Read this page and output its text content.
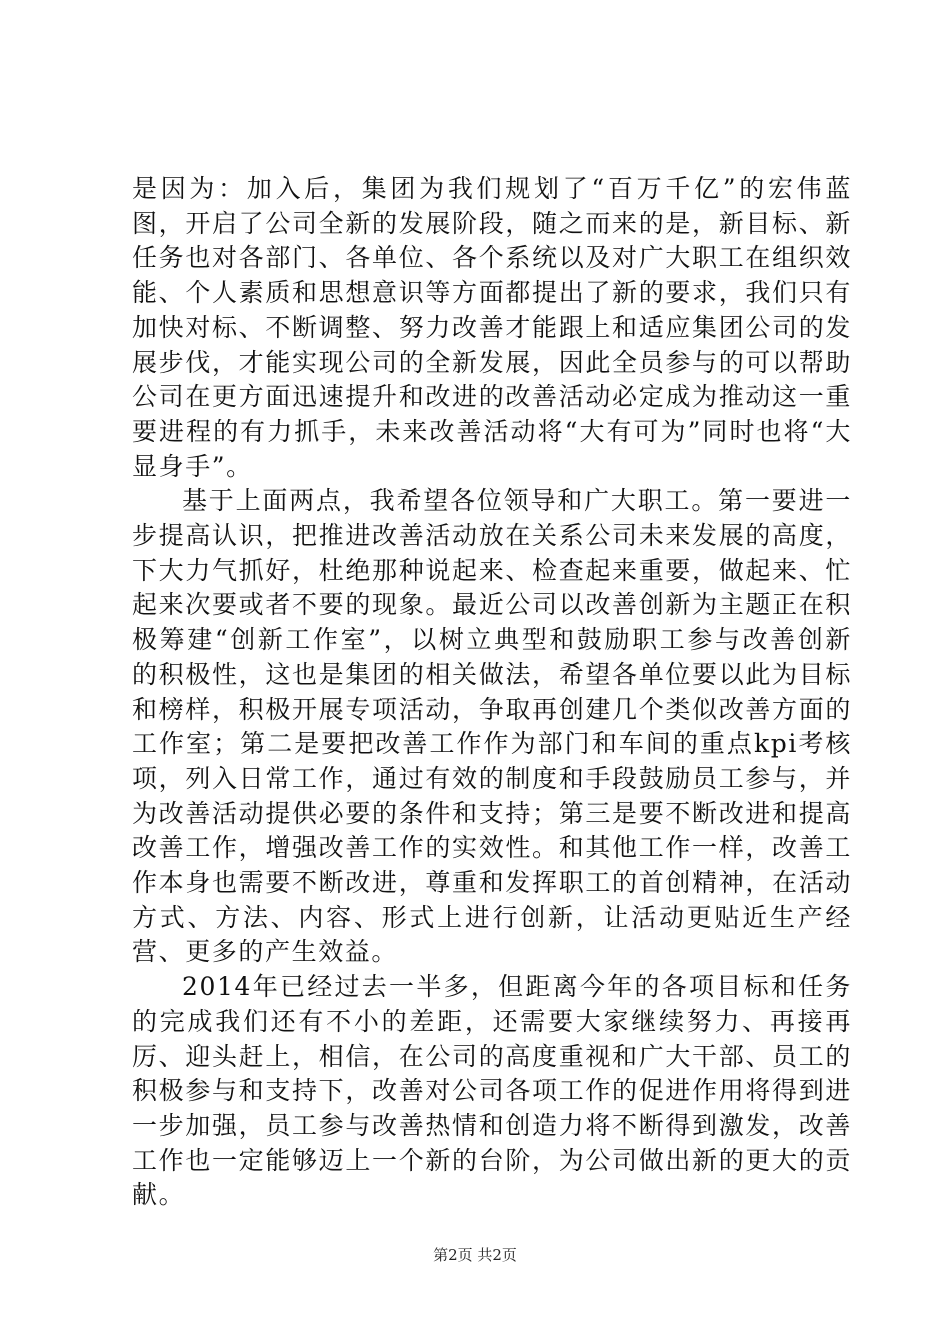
是因为：加入后，集团为我们规划了“百万千亿”的宏伟蓝图，开启了公司全新的发展阶段，随之而来的是，新目标、新任务也对各部门、各单位、各个系统以及对广大职工在组织效能、个人素质和思想意识等方面都提出了新的要求，我们只有加快对标、不断调整、努力改善才能跟上和适应集团公司的发展步伐，才能实现公司的全新发展，因此全员参与的可以帮助公司在更方面迅速提升和改进的改善活动必定成为推动这一重要进程的有力抓手，未来改善活动将“大有可为”同时也将“大显身手”。

基于上面两点，我希望各位领导和广大职工。第一要进一步提高认识，把推进改善活动放在关系公司未来发展的高度，下大力气抓好，杜绝那种说起来、检查起来重要，做起来、忙起来次要或者不要的现象。最近公司以改善创新为主题正在积极筹建“创新工作室”，以树立典型和鼓励职工参与改善创新的积极性，这也是集团的相关做法，希望各单位要以此为目标和榜样，积极开展专项活动，争取再创建几个类似改善方面的工作室；第二是要把改善工作作为部门和车间的重点kpi考核项，列入日常工作，通过有效的制度和手段鼓励员工参与，并为改善活动提供必要的条件和支持；第三是要不断改进和提高改善工作，增强改善工作的实效性。和其他工作一样，改善工作本身也需要不断改进，尊重和发挥职工的首创精神，在活动方式、方法、内容、形式上进行创新，让活动更贴近生产经营、更多的产生效益。

2014年已经过去一半多，但距离今年的各项目标和任务的完成我们还有不小的差距，还需要大家继续努力、再接再厉、迎头赶上，相信，在公司的高度重视和广大干部、员工的积极参与和支持下，改善对公司各项工作的促进作用将得到进一步加强，员工参与改善热情和创造力将不断得到激发，改善工作也一定能够迈上一个新的台阶，为公司做出新的更大的贡献。

第2页 共2页
